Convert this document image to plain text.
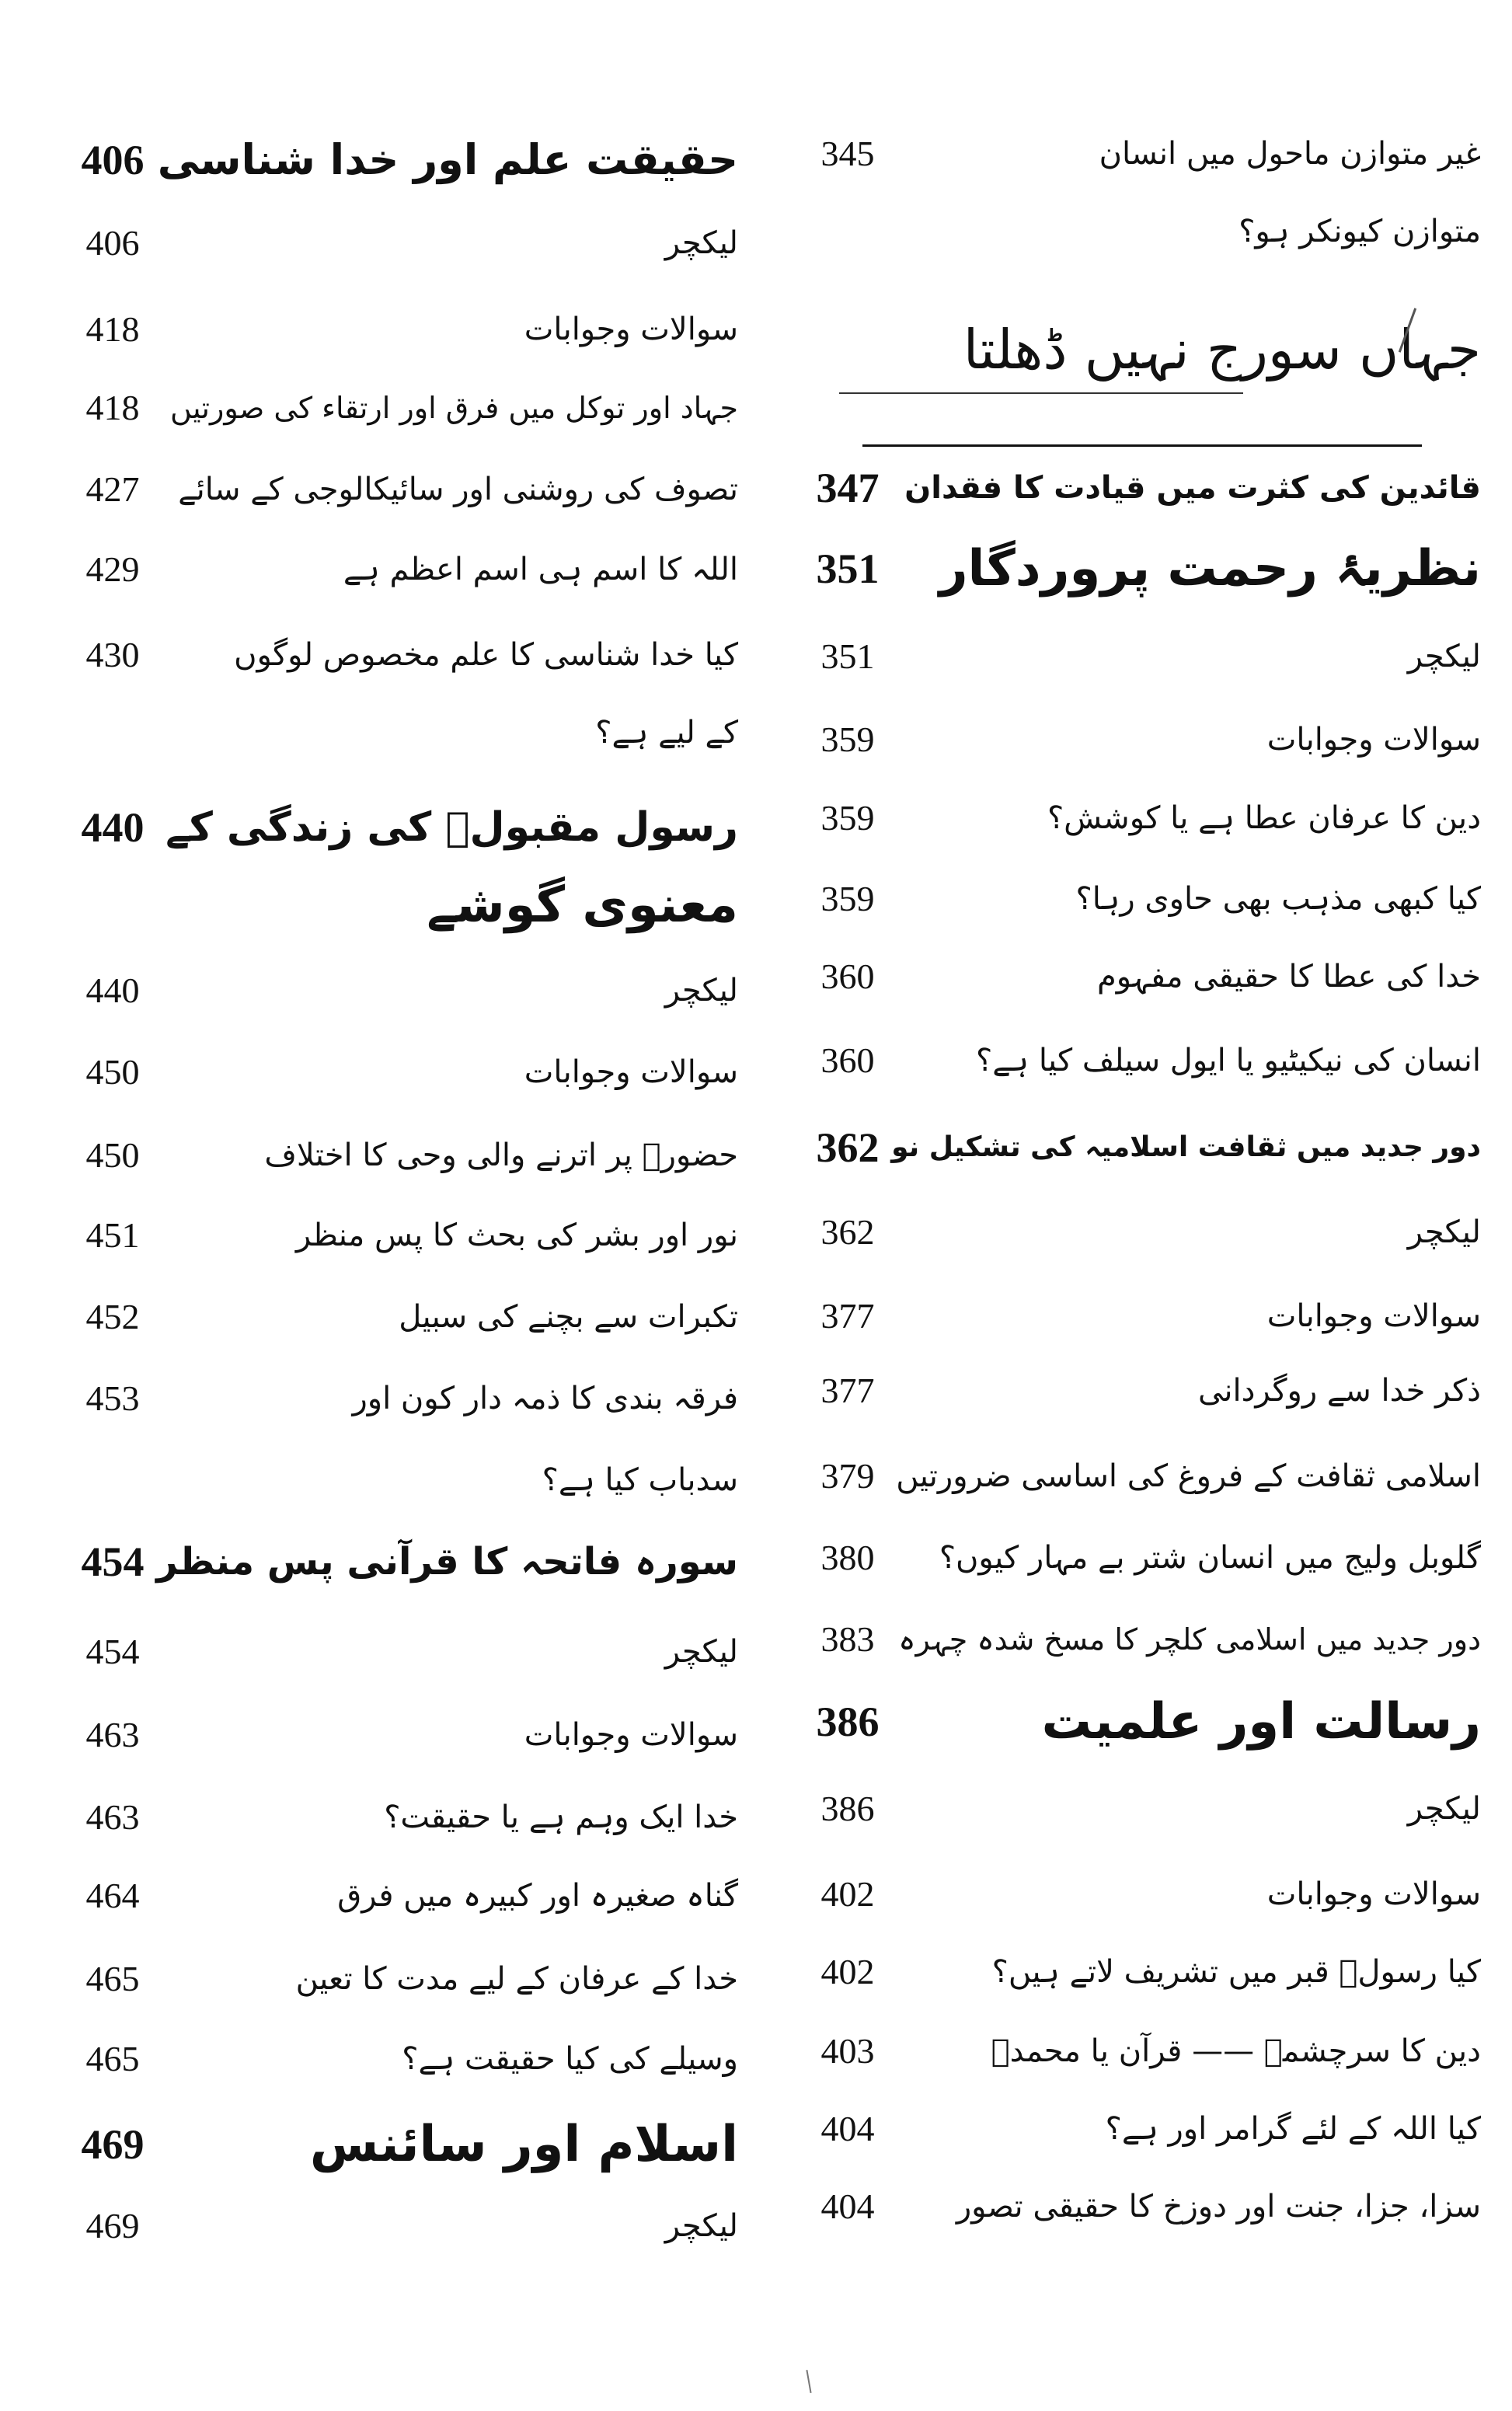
غیر متوازن ماحول میں انسان
345
متوازن کیونکر ہو؟
جہاں سورج نہیں ڈھلتا
قائدین کی کثرت میں قیادت کا فقدان
347
نظریۂ رحمت پروردگار
351
لیکچر
351
سوالات وجوابات
359
دین کا عرفان عطا ہے یا کوشش؟
359
کیا کبھی مذہب بھی حاوی رہا؟
359
خدا کی عطا کا حقیقی مفہوم
360
انسان کی نیکیٹیو یا ایول سیلف کیا ہے؟
360
دور جدید میں ثقافت اسلامیہ کی تشکیل نو
362
لیکچر
362
سوالات وجوابات
377
ذکر خدا سے روگردانی
377
اسلامی ثقافت کے فروغ کی اساسی ضرورتیں
379
گلوبل ولیج میں انسان شتر بے مہار کیوں؟
380
دور جدید میں اسلامی کلچر کا مسخ شدہ چہرہ
383
رسالت اور علمیت
386
لیکچر
386
سوالات وجوابات
402
کیا رسولؐ قبر میں تشریف لاتے ہیں؟
402
دین کا سرچشمہ —— قرآن یا محمدؐ
403
کیا اللہ کے لئے گرامر اور ہے؟
404
سزا، جزا، جنت اور دوزخ کا حقیقی تصور
404
حقیقت علم اور خدا شناسی
406
لیکچر
406
سوالات وجوابات
418
جہاد اور توکل میں فرق اور ارتقاء کی صورتیں
418
تصوف کی روشنی اور سائیکالوجی کے سائے
427
اللہ کا اسم ہی اسم اعظم ہے
429
کیا خدا شناسی کا علم مخصوص لوگوں
430
کے لیے ہے؟
رسول مقبولؐ کی زندگی کے
440
معنوی گوشے
لیکچر
440
سوالات وجوابات
450
حضورؐ پر اترنے والی وحی کا اختلاف
450
نور اور بشر کی بحث کا پس منظر
451
تکبرات سے بچنے کی سبیل
452
فرقہ بندی کا ذمہ دار کون اور
453
سدباب کیا ہے؟
سورہ فاتحہ کا قرآنی پس منظر
454
لیکچر
454
سوالات وجوابات
463
خدا ایک وہم ہے یا حقیقت؟
463
گناہ صغیرہ اور کبیرہ میں فرق
464
خدا کے عرفان کے لیے مدت کا تعین
465
وسیلے کی کیا حقیقت ہے؟
465
اسلام اور سائنس
469
لیکچر
469
